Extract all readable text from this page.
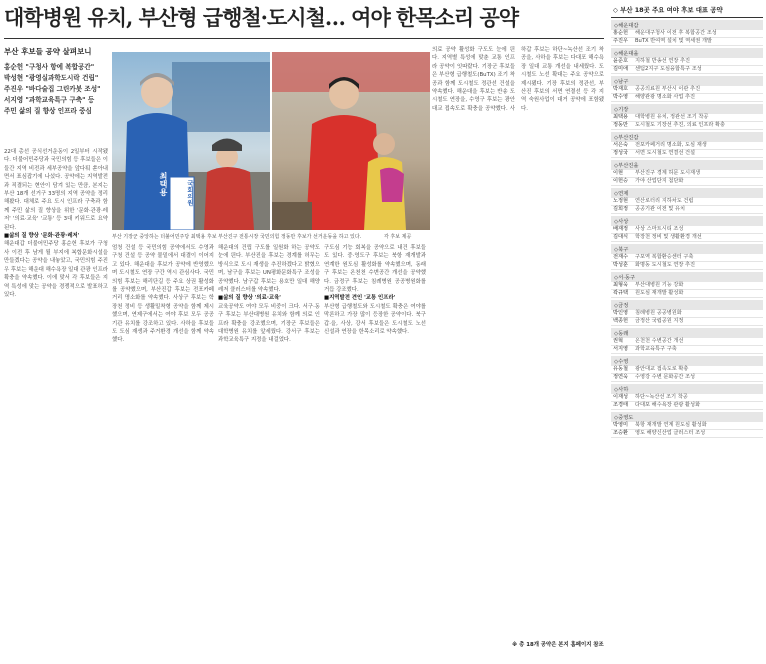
대학병원 유치, 부산형 급행철·도시철… 여야 한목소리 공약
부산 후보들 공약 살펴보니
홍순헌 "구청사 항에 복합공간"
박성현 "광영실과학도시락 건립"
주진우 "바다술집 그린카봇 조성"
서지영 "과학교육특구 구축" 등
주민 삶의 질 향상 인프라 중심
국회의원
최택용
부산 기장군 중앙하는 더불어민주당 최택용 후보 부산진구 전통시장 국민의힘 정동만 후보가 선거운동을 하고 있다.	각 후보 제공
22대 총선 공식선거운동이 2일부터 시작됐다. 더불어민주당과 국민의힘 등 후보들은 이들간 지역 비전과 세부공약을 앞다퉈 쏟아내면서 표심잡기에 나섰다. 공약에는 지역발전과 직결되는 현안이 담겨 있는 만큼, 본지는 부산 18개 선거구 33명의 지역 공약을 정리해봤다. 대체로 주요 도시 인프라 구축과 함께 주민 삶의 질 향상을 위한 '문화·관광·레저' '의료·교육' '교통' 등 3대 키워드로 요약된다.
■삶의 질 향상 '문화·관광·레저'
해운대갑 더불어민주당 홍순헌 후보가 구청사 이전 후 남게 될 부지에 복합문화시설을 만들겠다는 공약을 내놓았고, 국민의힘 주진우 후보는 해운대 해수욕장 일대 관광 인프라 확충을 약속했다. 이에 맞서 각 후보들은 지역 특성에 맞는 공약을 경쟁적으로 발표하고 있다.
엄청 건설 등 국민의힘 공약에서도 수영과 구청 건설 등 공약 물밑에서 대결이 이어지고 있다. 해운대을 후보가 공약에 반영했으며 도시철도 연장 구간 역시 관심사다. 국민의힘 후보는 해리단길 등 주요 상권 활성화를 공약했으며, 부산진갑 후보는 전포카페거리 명소화를 약속했다. 사상구 후보는 학장천 정비 등 생활밀착형 공약을 함께 제시했으며, 연제구에서는 여야 후보 모두 공공기관 유치를 강조하고 있다. 사하을 후보들도 도심 재생과 주거환경 개선을 함께 약속했다.
해운대의 건립 구도를 일원화 하는 공약도 눈에 띈다. 부산진을 후보는 경계를 허무는 방식으로 도시 재생을 추진하겠다고 밝혔으며, 남구을 후보는 UN평화문화특구 조성을 공약했다. 남구갑 후보는 용호만 일대 해양레저 클러스터를 약속했다.
■삶의 질 향상 '의료·교육'
교육공약도 여야 모두 비중이 크다. 서구·동구 후보는 부산대병원 유치와 함께 의료 인프라 확충을 강조했으며, 기장군 후보들은 대학병원 유치를 앞세웠다. 강서구 후보는 과학교육특구 지정을 내걸었다.
구도심 기능 회복을 공약으로 내건 후보들도 있다. 중·영도구 후보는 북항 재개발과 연계한 원도심 활성화를 약속했으며, 동래구 후보는 온천천 수변공간 개선을 공약했다. 금정구 후보는 침례병원 공공병원화를 거듭 강조했다.
■지역발전 견인 '교통 인프라'
부산형 급행철도와 도시철도 확충은 여야를 막론하고 가장 많이 등장한 공약이다. 북구갑·을, 사상, 강서 후보들은 도시철도 노선 신설과 연장을 한목소리로 약속했다.
의료 공약 활성화 구도도 눈에 띈다. 지역별 특성에 맞춘 교통 인프라 공약이 잇따랐다. 기장군 후보들은 부산형 급행철도(BuTX) 조기 착공과 함께 도시철도 정관선 건설을 약속했다. 해운대을 후보는 반송 도시철도 연장을, 수영구 후보는 광안대교 접속도로 확충을 공약했다. 사하갑 후보는 하단~녹산선 조기 착공을, 사하을 후보는 다대포 해수욕장 일대 교통 개선을 내세웠다. 도시철도 노선 확대는 주요 공약으로 제시됐다. 기장 후보의 정관선, 부산진 후보의 서면 연결선 등 각 지역 숙원사업이 대거 공약에 포함됐다.
※ 총 18개 공약은 본지 홈페이지 참조
◇ 부산 18곳 주요 여야 후보 대표 공약
◇해운대갑
홍순헌	해운대구청사 이전 후 복합공간 조성
주진우	BuTX 반여역 설치 및 역세권 개발
◇해운대을
윤준호	지하철 반송선 연장 추진
김미애	센텀2지구 도심융합특구 조성
◇남구
박재호	공공의료원 부산시 이관 추진
박수영	해양관광 명소화 사업 추진
◇기장
최택용	대학병원 유치, 정관선 조기 착공
정동만	도시철도 기장선 추진, 의료 인프라 확충
◇부산진갑
서은숙	전포카페거리 명소화, 도심 재생
정성국	서면 도시철도 연결선 건설
◇부산진을
이현	부산진구 경계 허문 도시재생
이헌승	가야 산업단지 첨단화
◇연제
노정현	연산로터리 지하차도 건립
김희정	공공기관 이전 및 유치
◇사상
배재정	사상 스마트시티 조성
김대식	학장천 정비 및 생활환경 개선
◇북구
전재수	구포역 복합환승센터 구축
박성훈	화명동 도시철도 연장 추진
◇서·동구
최형욱	부산대병원 기능 강화
곽규택	원도심 재개발 활성화
◇금정
박인영	침례병원 공공병원화
백종헌	금정산 국립공원 지정
◇동래
권혁	온천천 수변공간 개선
서지영	과학교육특구 구축
◇수영
유동철	광안대교 접속도로 확충
정연욱	수영강 수변 문화공간 조성
◇사하
이재성	하단~녹산선 조기 착공
조경태	다대포 해수욕장 관광 활성화
◇중영도
박영미	북항 재개발 연계 원도심 활성화
조승환	영도 해양신산업 클러스터 조성
